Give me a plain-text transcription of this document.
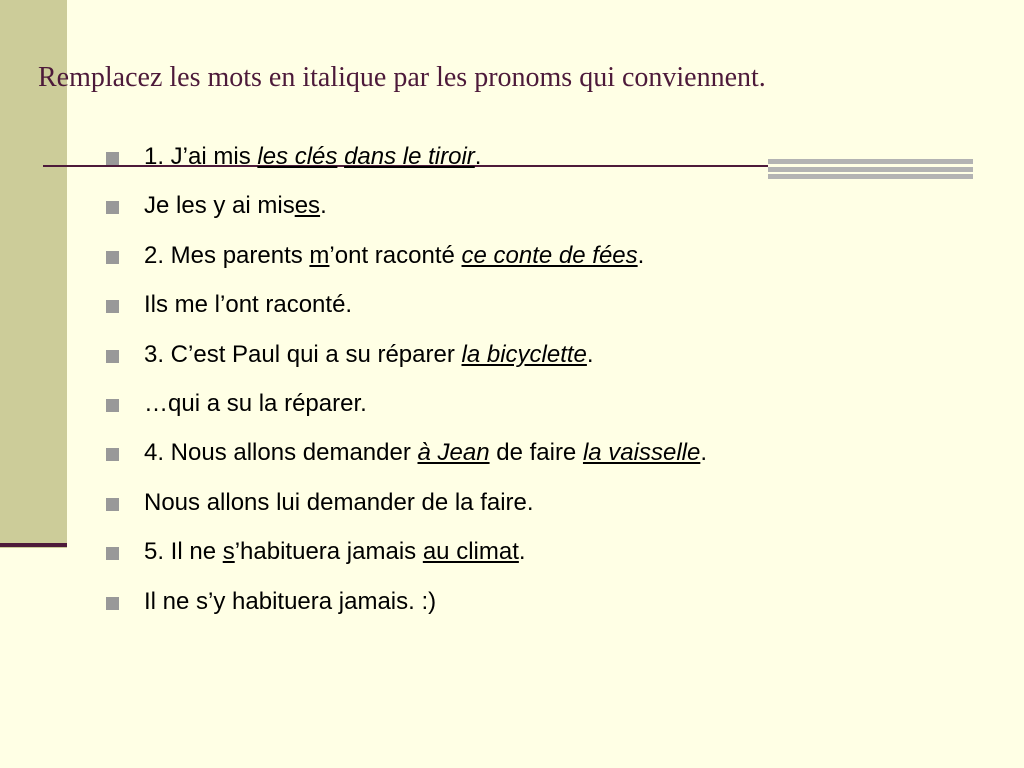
Remplacez les mots en italique par les pronoms qui conviennent.
1. J’ai mis les clés dans le tiroir.
Je les y ai mises.
2. Mes parents m’ont raconté ce conte de fées.
Ils me l’ont raconté.
3. C’est Paul qui a su réparer la bicyclette.
…qui a su la réparer.
4. Nous allons demander à Jean de faire la vaisselle.
Nous allons lui demander de la faire.
5. Il ne s’habituera jamais au climat.
Il ne s’y habituera jamais. :)
